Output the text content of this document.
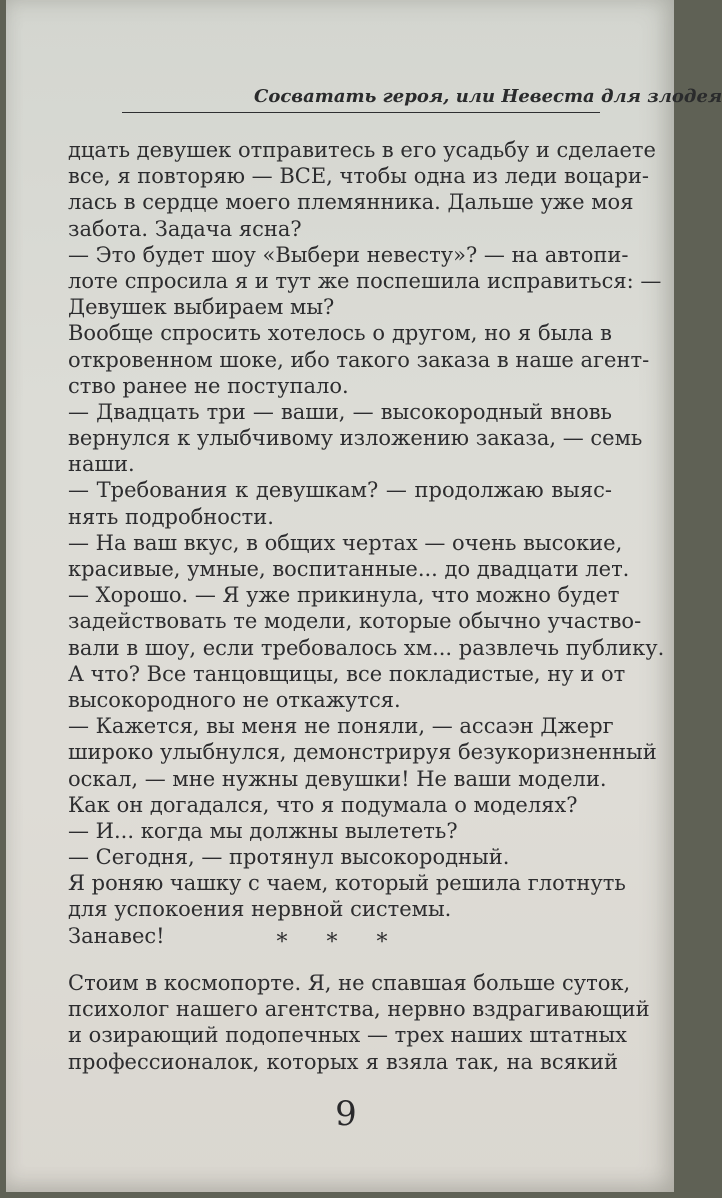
Сосватать героя, или Невеста для злодея
дцать девушек отправитесь в его усадьбу и сделаете
все, я повторяю — ВСЕ, чтобы одна из леди воцари-
лась в сердце моего племянника. Дальше уже моя
забота. Задача ясна?
— Это будет шоу «Выбери невесту»? — на автопи-
лоте спросила я и тут же поспешила исправиться: —
Девушек выбираем мы?
Вообще спросить хотелось о другом, но я была в
откровенном шоке, ибо такого заказа в наше агент-
ство ранее не поступало.
— Двадцать три — ваши, — высокородный вновь
вернулся к улыбчивому изложению заказа, — семь
наши.
— Требования к девушкам? — продолжаю выяс-
нять подробности.
— На ваш вкус, в общих чертах — очень высокие,
красивые, умные, воспитанные... до двадцати лет.
— Хорошо. — Я уже прикинула, что можно будет
задействовать те модели, которые обычно участво-
вали в шоу, если требовалось хм... развлечь публику.
А что? Все танцовщицы, все покладистые, ну и от
высокородного не откажутся.
— Кажется, вы меня не поняли, — ассаэн Джерг
широко улыбнулся, демонстрируя безукоризненный
оскал, — мне нужны девушки! Не ваши модели.
Как он догадался, что я подумала о моделях?
— И... когда мы должны вылететь?
— Сегодня, — протянул высокородный.
Я роняю чашку с чаем, который решила глотнуть
для успокоения нервной системы.
Занавес!	* * *
Стоим в космопорте. Я, не спавшая больше суток,
психолог нашего агентства, нервно вздрагивающий
и озирающий подопечных — трех наших штатных
профессионалок, которых я взяла так, на всякий
9
